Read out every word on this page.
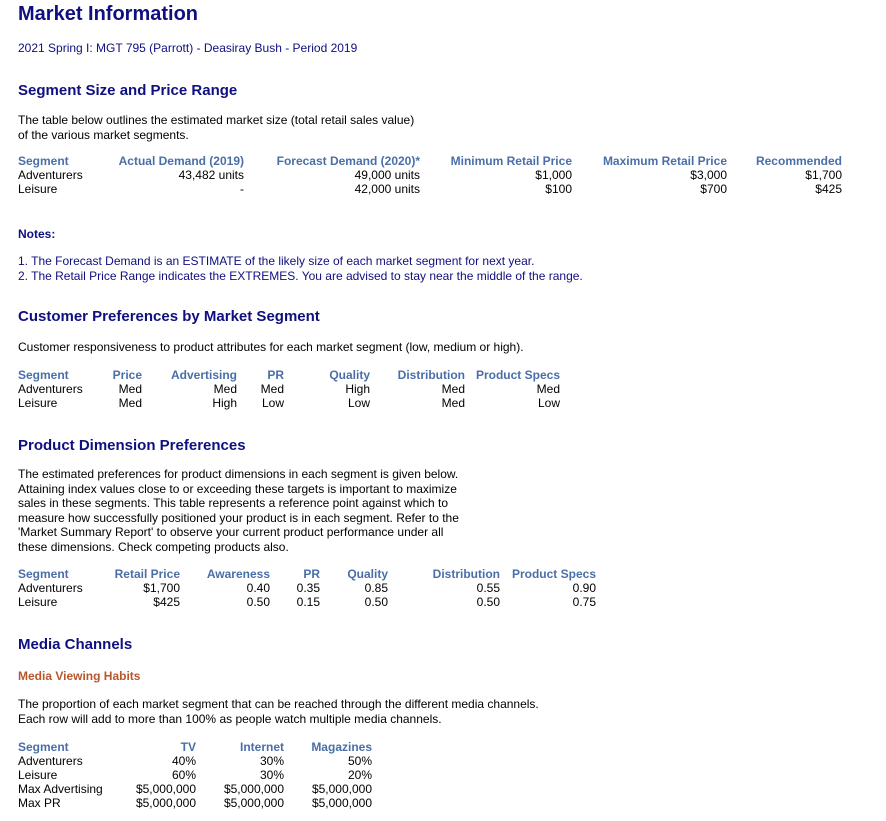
Market Information
2021 Spring I: MGT 795 (Parrott) - Deasiray Bush - Period 2019
Segment Size and Price Range
The table below outlines the estimated market size (total retail sales value)
of the various market segments.
Segment	Actual Demand (2019)	Forecast Demand (2020)*	Minimum Retail Price	Maximum Retail Price	Recommended
Adventurers	43,482 units	49,000 units	$1,000	$3,000	$1,700
Leisure	-	42,000 units	$100	$700	$425
Notes:
1. The Forecast Demand is an ESTIMATE of the likely size of each market segment for next year.
2. The Retail Price Range indicates the EXTREMES. You are advised to stay near the middle of the range.
Customer Preferences by Market Segment
Customer responsiveness to product attributes for each market segment (low, medium or high).
Segment	Price	Advertising	PR	Quality	Distribution	Product Specs
Adventurers	Med	Med	Med	High	Med	Med
Leisure	Med	High	Low	Low	Med	Low
Product Dimension Preferences
The estimated preferences for product dimensions in each segment is given below.
Attaining index values close to or exceeding these targets is important to maximize
sales in these segments. This table represents a reference point against which to
measure how successfully positioned your product is in each segment. Refer to the
'Market Summary Report' to observe your current product performance under all
these dimensions. Check competing products also.
Segment	Retail Price	Awareness	PR	Quality	Distribution	Product Specs
Adventurers	$1,700	0.40	0.35	0.85	0.55	0.90
Leisure	$425	0.50	0.15	0.50	0.50	0.75
Media Channels
Media Viewing Habits
The proportion of each market segment that can be reached through the different media channels.
Each row will add to more than 100% as people watch multiple media channels.
Segment	TV	Internet	Magazines
Adventurers	40%	30%	50%
Leisure	60%	30%	20%
Max Advertising	$5,000,000	$5,000,000	$5,000,000
Max PR	$5,000,000	$5,000,000	$5,000,000
